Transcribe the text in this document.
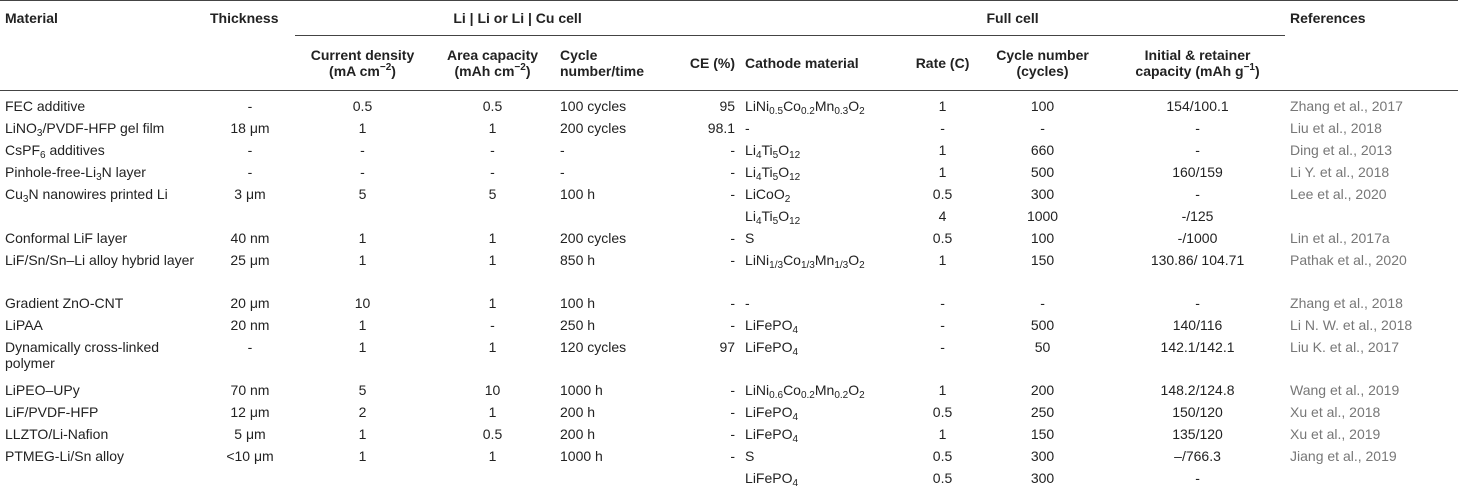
Material	Thickness	Li | Li or Li | Cu cell				Full cell				References
		Current density (mA $cm^{-2}$)	Area capacity (mAh $cm^{-2}$)	Cycle number/time	CE (%)	Cathode material	Rate (C)	Cycle number (cycles)	Initial & retainer capacity (mAh $g^{-1}$)	
FEC additive	-	0.5	0.5	100 cycles	95	$LiNi_{0.5}Co_{0.2}Mn_{0.3}O_2$	1	100	154/100.1	Zhang et al., 2017
LiNO$_3$/PVDF-HFP gel film	18 μm	1	1	200 cycles	98.1	-	-	-	-	Liu et al., 2018
CsPF$_6$ additives	-	-	-	-	-	$Li_4Ti_5O_{12}$	1	660	-	Ding et al., 2013
Pinhole-$free-Li_3N$ layer	-	-	-	-	-	$Li_4Ti_5O_{12}$	1	500	160/159	Li Y. et al., 2018
$Cu_3N$ nanowires printed Li	3 μm	5	5	100 h	-	LiCoO$_2$	0.5	300	-	Lee et al., 2020
						$Li_4Ti_5O_{12}$	4	1000	-/125	
Conformal LiF layer	40 nm	1	1	200 cycles	-	S	0.5	100	-/1000	Lin et al., 2017a
LiF/Sn/Sn–Li alloy hybrid layer	25 μm	1	1	850 h	-	$LiNi_{1/3}Co_{1/3}Mn_{1/3}O_2$	1	150	130.86/ 104.71	Pathak et al., 2020
Gradient ZnO-CNT	20 μm	10	1	100 h	-	-	-	-	-	Zhang et al., 2018
LiPAA	20 nm	1	-	250 h	-	LiFePO$_4$	-	500	140/116	Li N. W. et al., 2018
Dynamically cross-linked polymer	-	1	1	120 cycles	97	LiFePO$_4$	-	50	142.1/142.1	Liu K. et al., 2017
LiPEO–UPy	70 nm	5	10	1000 h	-	$LiNi_{0.6}Co_{0.2}Mn_{0.2}O_2$	1	200	148.2/124.8	Wang et al., 2019
LiF/PVDF-HFP	12 μm	2	1	200 h	-	LiFePO$_4$	0.5	250	150/120	Xu et al., 2018
LLZTO/Li-Nafion	5 μm	1	0.5	200 h	-	LiFePO$_4$	1	150	135/120	Xu et al., 2019
PTMEG-Li/Sn alloy	<10 μm	1	1	1000 h	-	S	0.5	300	–/766.3	Jiang et al., 2019
						LiFePO$_4$	0.5	300	-	
